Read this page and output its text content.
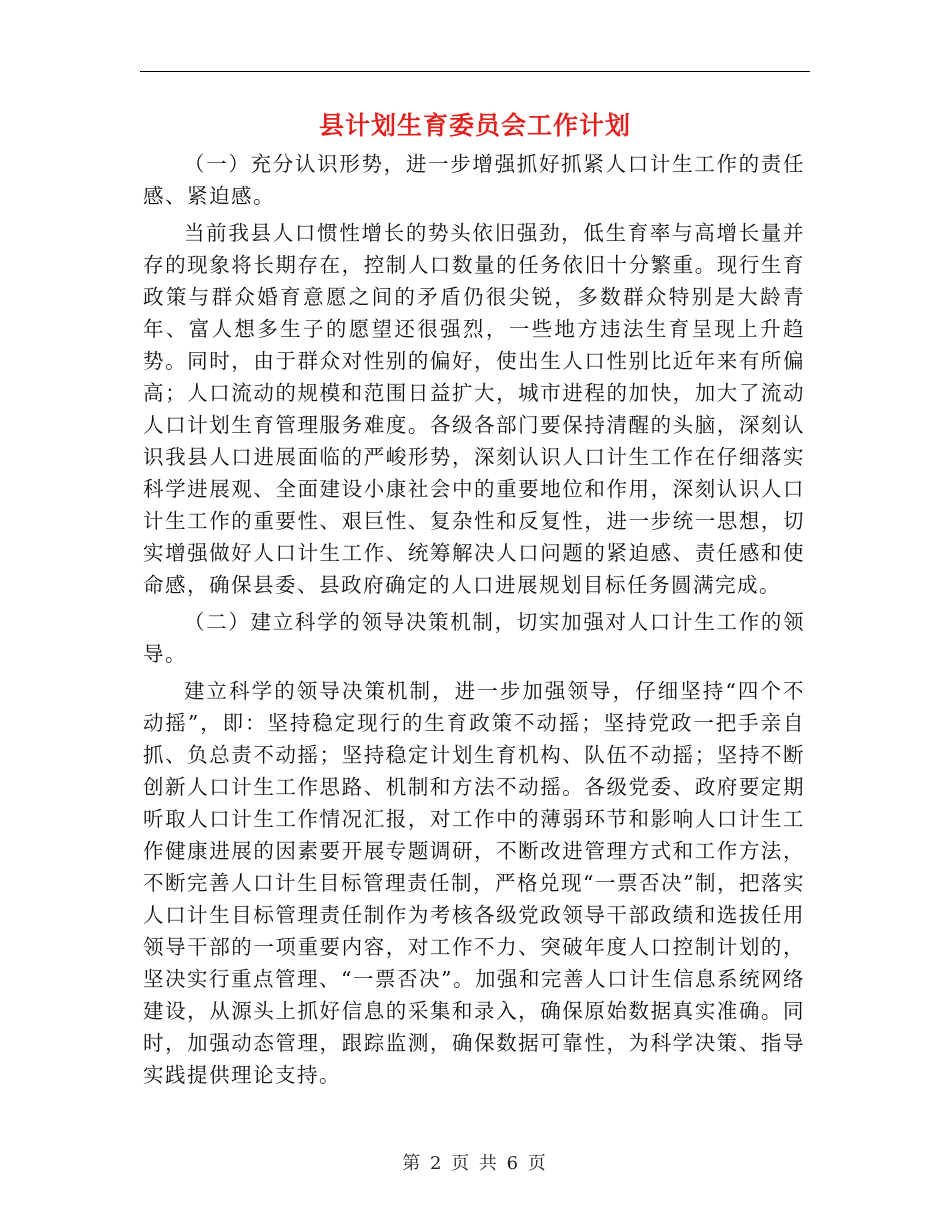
县计划生育委员会工作计划

（一）充分认识形势，进一步增强抓好抓紧人口计生工作的责任感、紧迫感。

当前我县人口惯性增长的势头依旧强劲，低生育率与高增长量并存的现象将长期存在，控制人口数量的任务依旧十分繁重。现行生育政策与群众婚育意愿之间的矛盾仍很尖锐，多数群众特别是大龄青年、富人想多生子的愿望还很强烈，一些地方违法生育呈现上升趋势。同时，由于群众对性别的偏好，使出生人口性别比近年来有所偏高；人口流动的规模和范围日益扩大，城市进程的加快，加大了流动人口计划生育管理服务难度。各级各部门要保持清醒的头脑，深刻认识我县人口进展面临的严峻形势，深刻认识人口计生工作在仔细落实科学进展观、全面建设小康社会中的重要地位和作用，深刻认识人口计生工作的重要性、艰巨性、复杂性和反复性，进一步统一思想，切实增强做好人口计生工作、统筹解决人口问题的紧迫感、责任感和使命感，确保县委、县政府确定的人口进展规划目标任务圆满完成。

（二）建立科学的领导决策机制，切实加强对人口计生工作的领导。

建立科学的领导决策机制，进一步加强领导，仔细坚持“四个不动摇”，即：坚持稳定现行的生育政策不动摇；坚持党政一把手亲自抓、负总责不动摇；坚持稳定计划生育机构、队伍不动摇；坚持不断创新人口计生工作思路、机制和方法不动摇。各级党委、政府要定期听取人口计生工作情况汇报，对工作中的薄弱环节和影响人口计生工作健康进展的因素要开展专题调研，不断改进管理方式和工作方法，不断完善人口计生目标管理责任制，严格兑现“一票否决”制，把落实人口计生目标管理责任制作为考核各级党政领导干部政绩和选拔任用领导干部的一项重要内容，对工作不力、突破年度人口控制计划的，坚决实行重点管理、“一票否决”。加强和完善人口计生信息系统网络建设，从源头上抓好信息的采集和录入，确保原始数据真实准确。同时，加强动态管理，跟踪监测，确保数据可靠性，为科学决策、指导实践提供理论支持。

第 2 页 共 6 页
